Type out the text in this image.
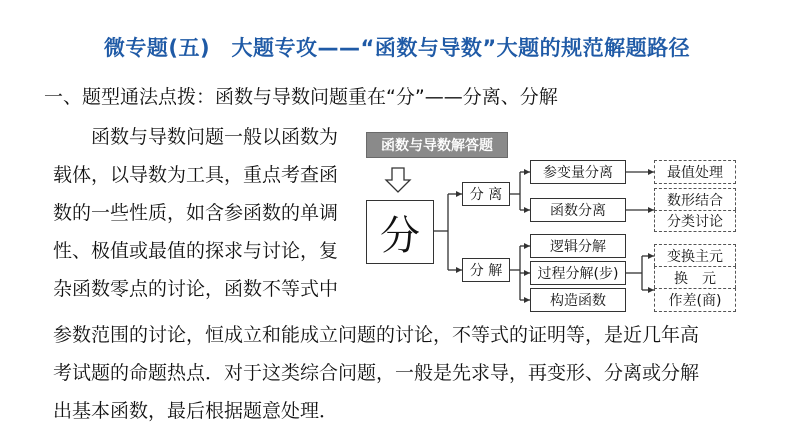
微专题(五)　大题专攻——“函数与导数”大题的规范解题路径
一、题型通法点拨：函数与导数问题重在“分”——分离、分解
　　函数与导数问题一般以函数为
载体，以导数为工具，重点考查函
数的一些性质，如含参函数的单调
性、极值或最值的探求与讨论，复
杂函数零点的讨论，函数不等式中
参数范围的讨论，恒成立和能成立问题的讨论，不等式的证明等，是近几年高
考试题的命题热点．对于这类综合问题，一般是先求导，再变形、分离或分解
出基本函数，最后根据题意处理．
函数与导数解答题
分
分 离
分 解
参变量分离
函数分离
最值处理
数形结合
分类讨论
逻辑分解
过程分解(步)
构造函数
变换主元
换　元
作差(商)
